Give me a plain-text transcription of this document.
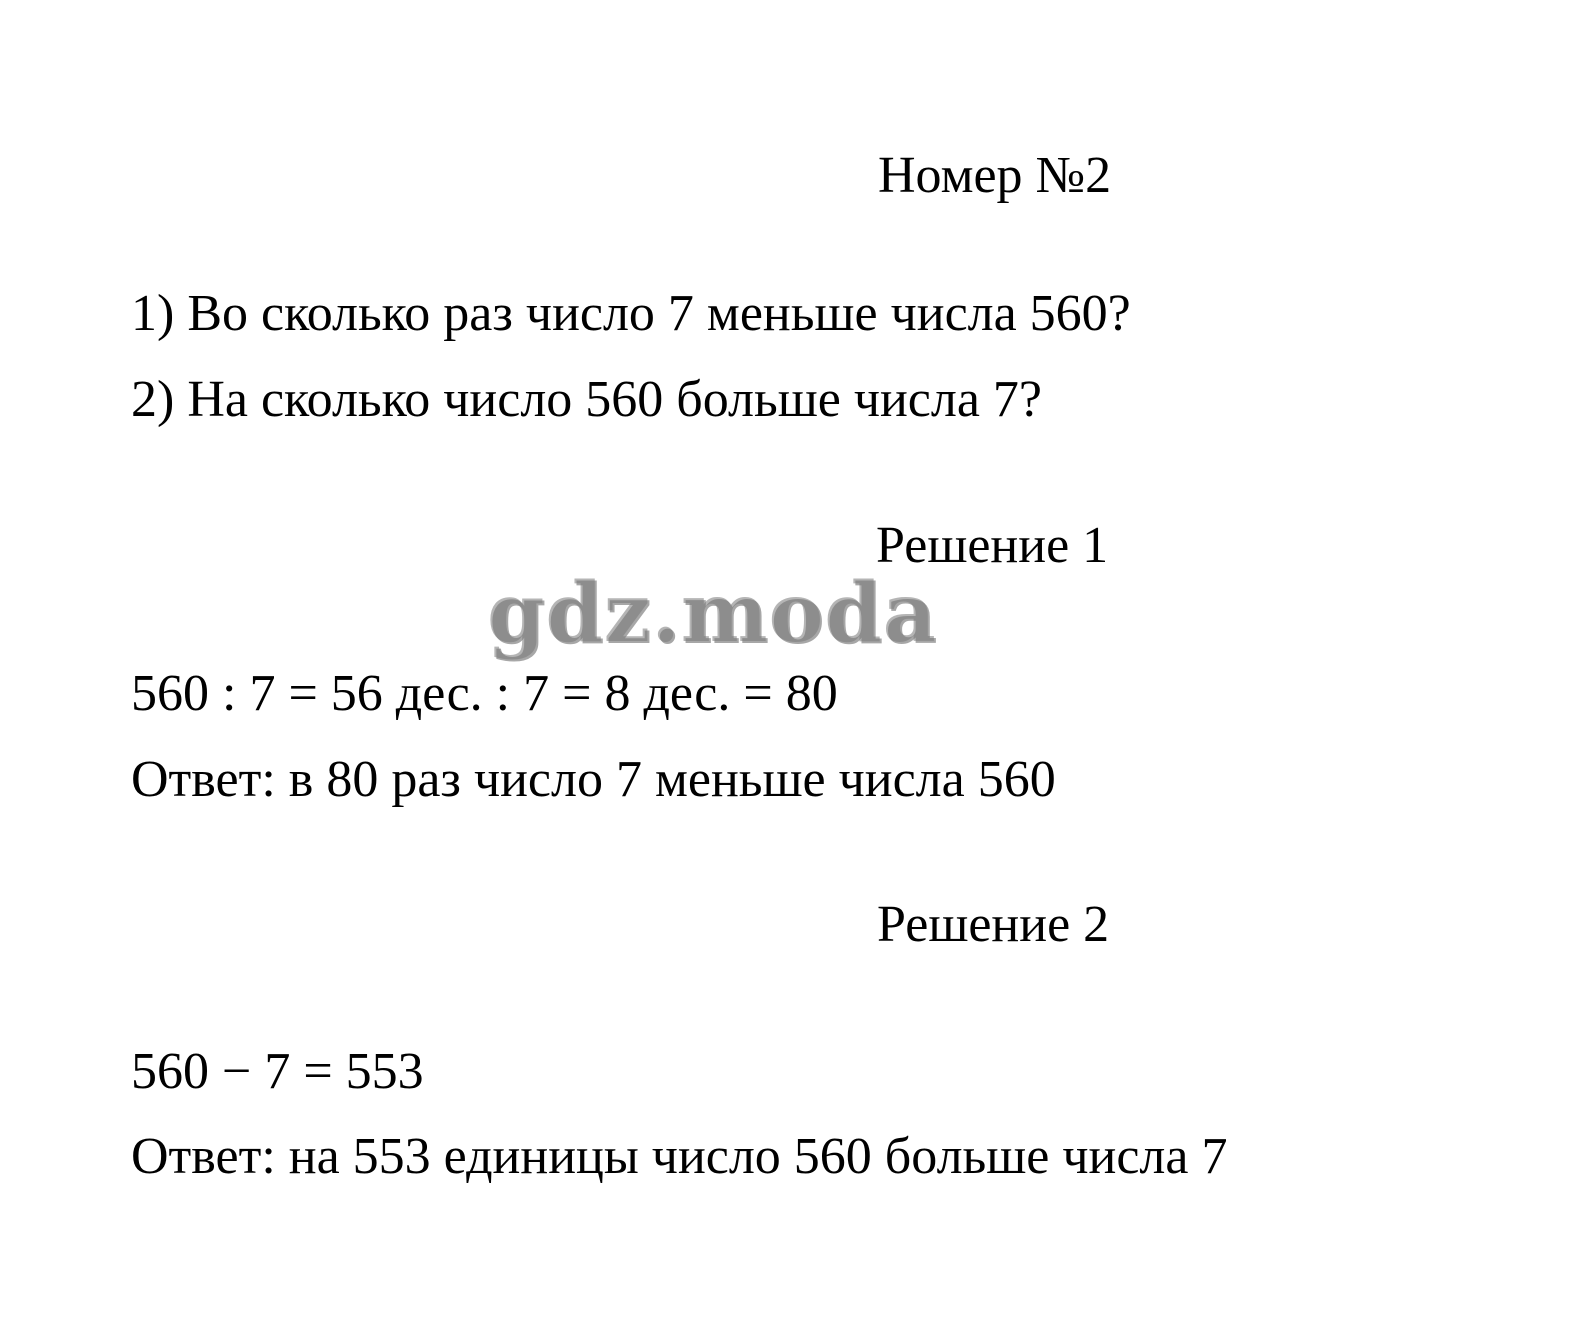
Номер №2
1) Во сколько раз число 7 меньше числа 560?
2) На сколько число 560 больше числа 7?
Решение 1
gdz.moda
560 : 7 = 56 дес. : 7 = 8 дес. = 80
Ответ: в 80 раз число 7 меньше числа 560
Решение 2
560 − 7 = 553
Ответ: на 553 единицы число 560 больше числа 7
